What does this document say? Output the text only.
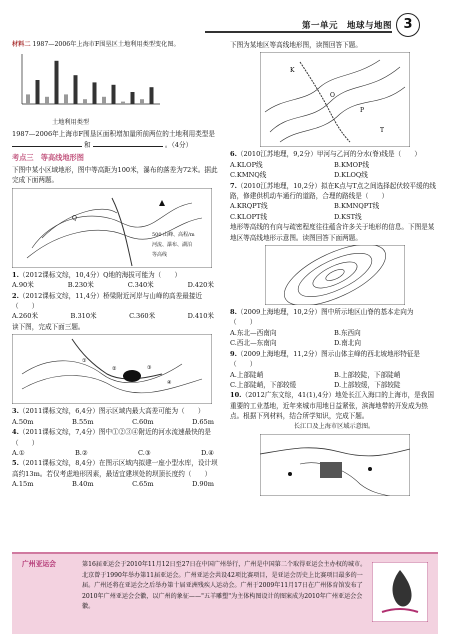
第一单元　地球与地图 3

材料二 1987—2006年上海市F围垦区土地利用类型变化图。

土地利用类型

1987—2006年上海市F围垦区面积增加量所前两位的土地利用类型是  和	。（4分）

考点三　等高线地形图

下图中某小区域地形，图中等高距为100米，瀑布的落差为72米。据此完成下面两题。

Q
500 山峰、高程/m
河流、瀑布、湖泊
等高线

1.（2012课标文综，10,4分）Q地的海拔可能为（　　）

A.90米	B.230米	C.340米	D.420米

2.（2012课标文综，11,4分）桥梁附近河岸与山峰的高差最接近（　　）

A.260米	B.310米	C.360米	D.410米

读下图，完成下面三题。

①
②	③
④

3.（2011课标文综，6,4分）图示区域内最大高差可能为（　　）

A.50m	B.55m	C.60m	D.65m

4.（2011课标文综，7,4分）图中①②③④附近的河水流速最快的是（　　）

A.①	B.②	C.③	D.④

5.（2011课标文综，8,4分）在图示区域内拟建一座小型水库，设计坝高约13m。若仅考虑地形因素，最适宜建坝处的坝顶长度约（　　）

A.15m	B.40m	C.65m	D.90m

下图为某地区等高线地形图，读图回答下题。

K
O
P
T

6.（2010江苏地理，9,2分）甲河与乙河的分水(脊)线是（　　）

A.KLOP线	B.KMOP线
C.KMNQ线	D.KLOQ线

7.（2010江苏地理，10,2分）拟在K点与T点之间选择起伏较平缓的线路，修建供机动车通行的道路，合理的路线是（　　）

A.KRQPT线	B.KMNQPT线
C.KLOPT线	D.KST线

地形等高线的有向与疏密程度往往蕴含许多关于地形的信息。下图是某地区等高线地形示意图。读图回答下面两题。

8.（2009上海地理，10,2分）图中所示地区山脊的基本走向为（　　）

A.东北—西南向	B.东西向
C.西北—东南向	D.南北向

9.（2009上海地理，11,2分）图示山体主峰的西北坡地形特征是（　　）

A.上部陡峭	B.上部较陡，下部陡峭
C.上部陡峭，下部较缓	D.上部较缓，下部较陡

10.（2012广东文综，41(1),4分）地处长江入海口的上海市，是我国重要的工业基地，近年来城市用地日益紧张，滨海地带的开发成为热点。根据下列材料，结合所学知识，完成下题。

长江口及上海市区域示意图。
广州亚运会	第16届亚运会于2010年11月12日至27日在中国广州举行，广州是中国第二个取得亚运会主办权的城市。北京曾于1990年举办第11届亚运会。广州亚运会共设42项比赛项目，是亚运会历史上比赛项目最多的一届。广州还将在亚运会之后举办第十届亚洲残疾人运动会。广州于2009年11月17日在广州体育馆发布了2010年广州亚运会会徽，以广州的象征——"五羊雕塑"为主体构图设计的图案成为2010年广州亚运会会徽。
